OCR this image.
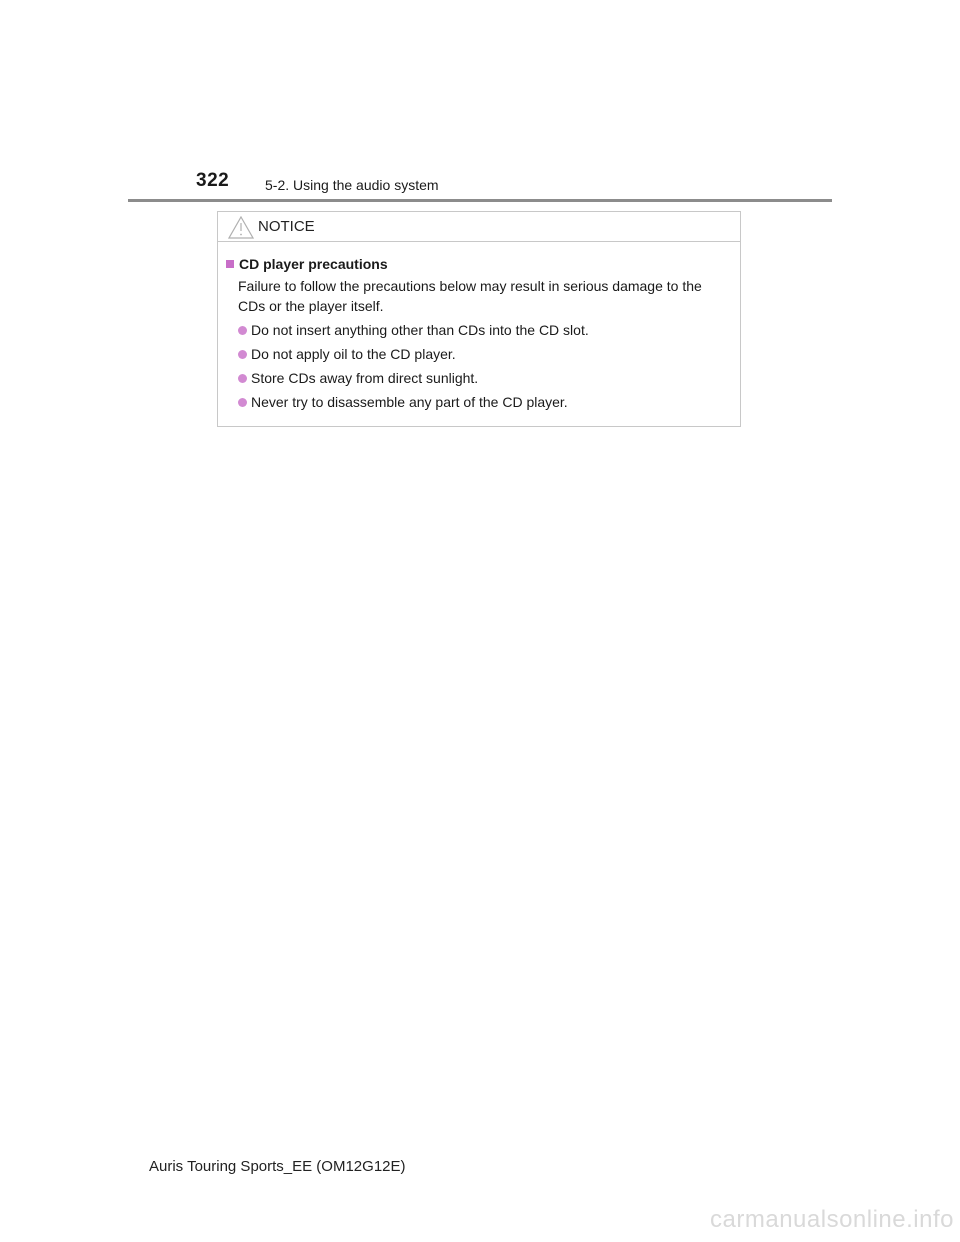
322	5-2. Using the audio system
NOTICE
CD player precautions
Failure to follow the precautions below may result in serious damage to the
CDs or the player itself.
Do not insert anything other than CDs into the CD slot.
Do not apply oil to the CD player.
Store CDs away from direct sunlight.
Never try to disassemble any part of the CD player.
Auris Touring Sports_EE (OM12G12E)
carmanualsonline.info
